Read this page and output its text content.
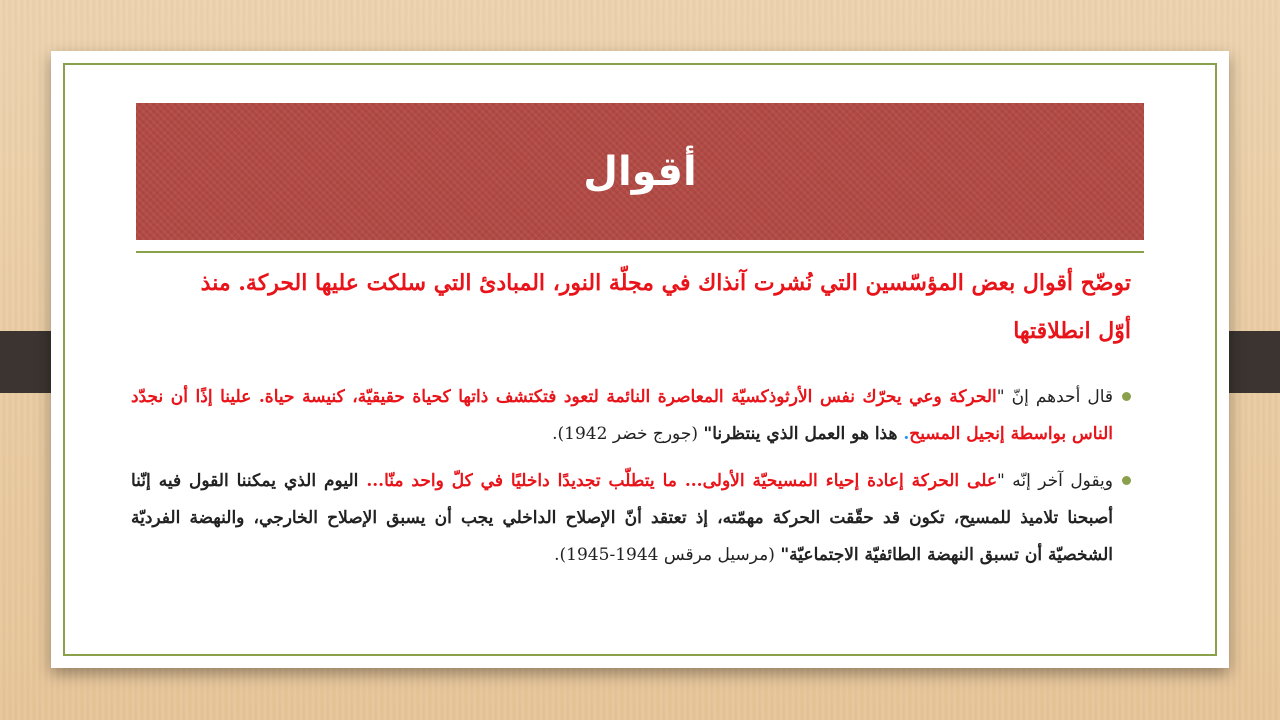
أقوال
توضّح أقوال بعض المؤسّسين التي نُشرت آنذاك في مجلّة النور، المبادئ التي سلكت عليها الحركة. منذ أوّل انطلاقتها
قال أحدهم إنّ "الحركة وعي يحرّك نفس الأرثوذكسيّة المعاصرة النائمة لتعود فتكتشف ذاتها كحياة حقيقيّة، كنيسة حياة. علينا إذًا أن نجدّد الناس بواسطة إنجيل المسيح. هذا هو العمل الذي ينتظرنا" (جورج خضر 1942).
ويقول آخر إنّه "على الحركة إعادة إحياء المسيحيّة الأولى... ما يتطلّب تجديدًا داخليًا في كلّ واحد منّا... اليوم الذي يمكننا القول فيه إنّنا أصبحنا تلاميذ للمسيح، تكون قد حقّقت الحركة مهمّته، إذ تعتقد أنّ الإصلاح الداخلي يجب أن يسبق الإصلاح الخارجي، والنهضة الفرديّة الشخصيّة أن تسبق النهضة الطائفيّة الاجتماعيّة" (مرسيل مرقس 1944-1945).
